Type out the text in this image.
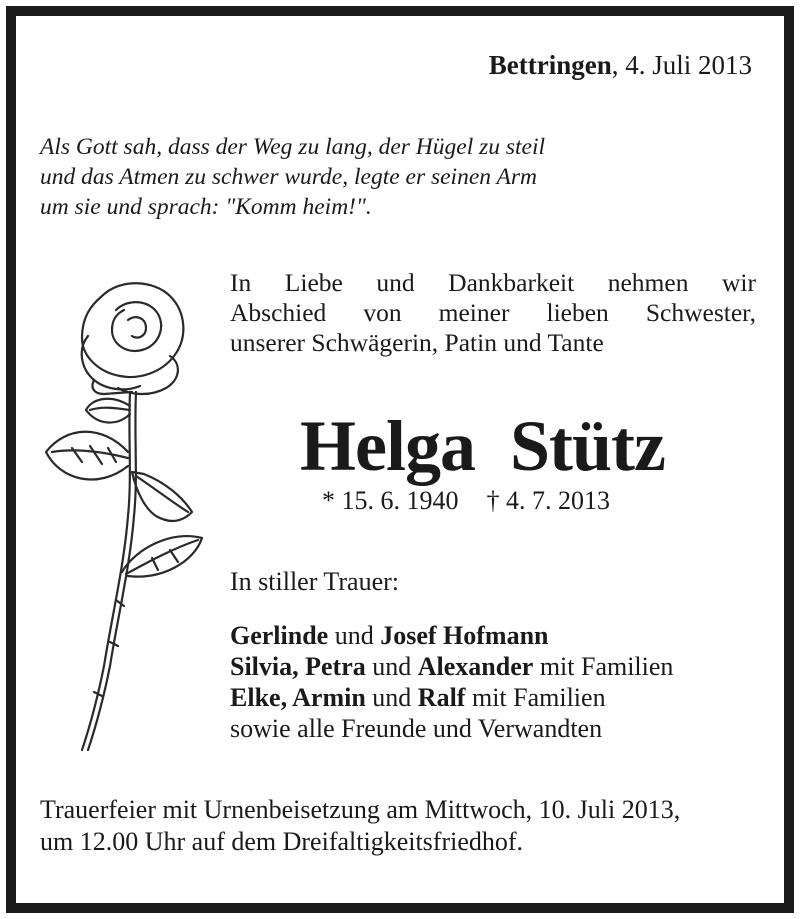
Bettringen, 4. Juli 2013
Als Gott sah, dass der Weg zu lang, der Hügel zu steil
und das Atmen zu schwer wurde, legte er seinen Arm
um sie und sprach: "Komm heim!".
In Liebe und Dankbarkeit nehmen wir
Abschied von meiner lieben Schwester,
unserer Schwägerin, Patin und Tante
Helga Stütz
* 15. 6. 1940 † 4. 7. 2013
In stiller Trauer:
Gerlinde und Josef Hofmann
Silvia, Petra und Alexander mit Familien
Elke, Armin und Ralf mit Familien
sowie alle Freunde und Verwandten
Trauerfeier mit Urnenbeisetzung am Mittwoch, 10. Juli 2013,
um 12.00 Uhr auf dem Dreifaltigkeitsfriedhof.
